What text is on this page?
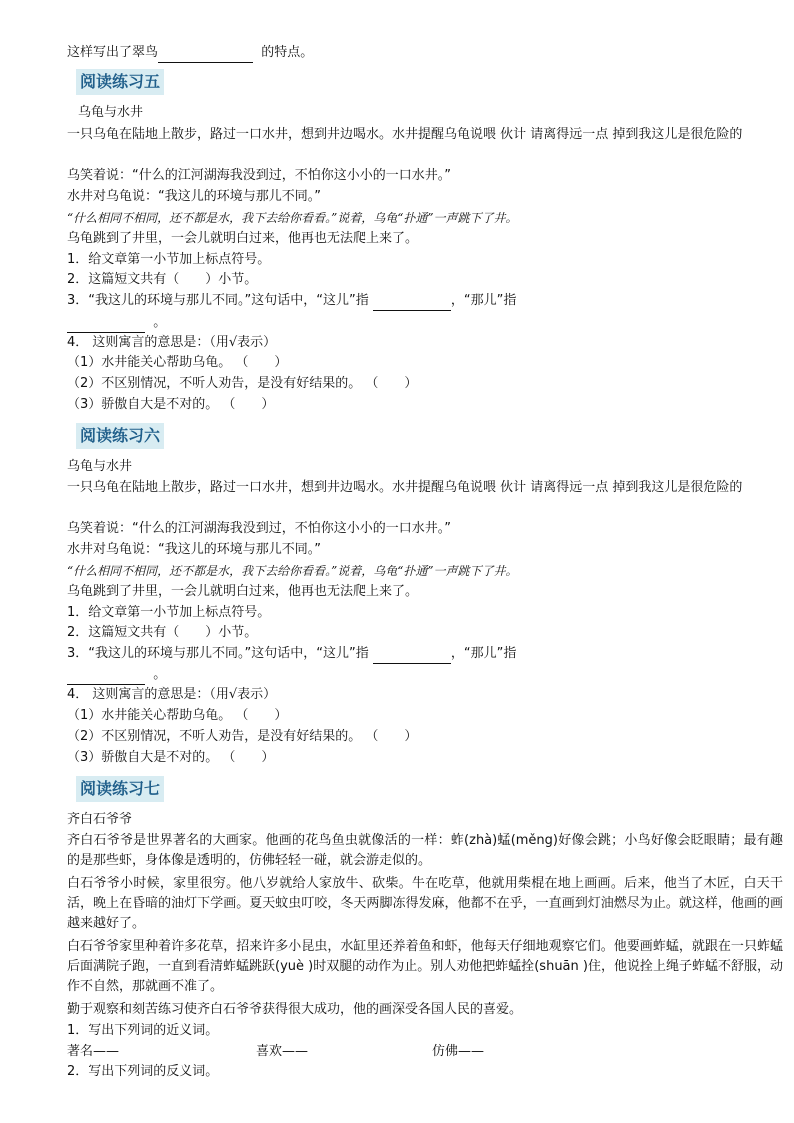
这样写出了翠鸟	的特点。
阅读练习五
乌龟与水井
一只乌龟在陆地上散步，路过一口水井，想到井边喝水。水井提醒乌龟说喂 伙计 请离得远一点 掉到我这儿是很危险的
乌笑着说：“什么的江河湖海我没到过，不怕你这小小的一口水井。”
水井对乌龟说：“我这儿的环境与那儿不同。”
“什么相同不相同，还不都是水，我下去给你看看。”说着，乌龟“扑通”一声跳下了井。
乌龟跳到了井里，一会儿就明白过来，他再也无法爬上来了。
1．给文章第一小节加上标点符号。
2．这篇短文共有（　　）小节。
3．“我这儿的环境与那儿不同。”这句话中，“这儿”指	，“那儿”指
。
4． 这则寓言的意思是：（用√表示）
（1）水井能关心帮助乌龟。 （　　）
（2）不区别情况，不听人劝告，是没有好结果的。 （　　）
（3）骄傲自大是不对的。 （　　）
阅读练习六
乌龟与水井
一只乌龟在陆地上散步，路过一口水井，想到井边喝水。水井提醒乌龟说喂 伙计 请离得远一点 掉到我这儿是很危险的
乌笑着说：“什么的江河湖海我没到过，不怕你这小小的一口水井。”
水井对乌龟说：“我这儿的环境与那儿不同。”
“什么相同不相同，还不都是水，我下去给你看看。”说着，乌龟“扑通”一声跳下了井。
乌龟跳到了井里，一会儿就明白过来，他再也无法爬上来了。
1．给文章第一小节加上标点符号。
2．这篇短文共有（　　）小节。
3．“我这儿的环境与那儿不同。”这句话中，“这儿”指	，“那儿”指
。
4． 这则寓言的意思是：（用√表示）
（1）水井能关心帮助乌龟。 （　　）
（2）不区别情况，不听人劝告，是没有好结果的。 （　　）
（3）骄傲自大是不对的。 （　　）
阅读练习七
齐白石爷爷
齐白石爷爷是世界著名的大画家。他画的花鸟鱼虫就像活的一样：蚱(zhà)蜢(měng)好像会跳；小鸟好像会眨眼睛；最有趣的是那些虾，身体像是透明的，仿佛轻轻一碰，就会游走似的。
白石爷爷小时候，家里很穷。他八岁就给人家放牛、砍柴。牛在吃草，他就用柴棍在地上画画。后来，他当了木匠，白天干活，晚上在昏暗的油灯下学画。夏天蚊虫叮咬，冬天两脚冻得发麻，他都不在乎，一直画到灯油燃尽为止。就这样，他画的画越来越好了。
白石爷爷家里种着许多花草，招来许多小昆虫，水缸里还养着鱼和虾，他每天仔细地观察它们。他要画蚱蜢，就跟在一只蚱蜢后面满院子跑，一直到看清蚱蜢跳跃(yuè )时双腿的动作为止。别人劝他把蚱蜢拴(shuān )住，他说拴上绳子蚱蜢不舒服，动作不自然，那就画不准了。
勤于观察和刻苦练习使齐白石爷爷获得很大成功，他的画深受各国人民的喜爱。
1．写出下列词的近义词。
著名——	喜欢——	仿佛——
2．写出下列词的反义词。
